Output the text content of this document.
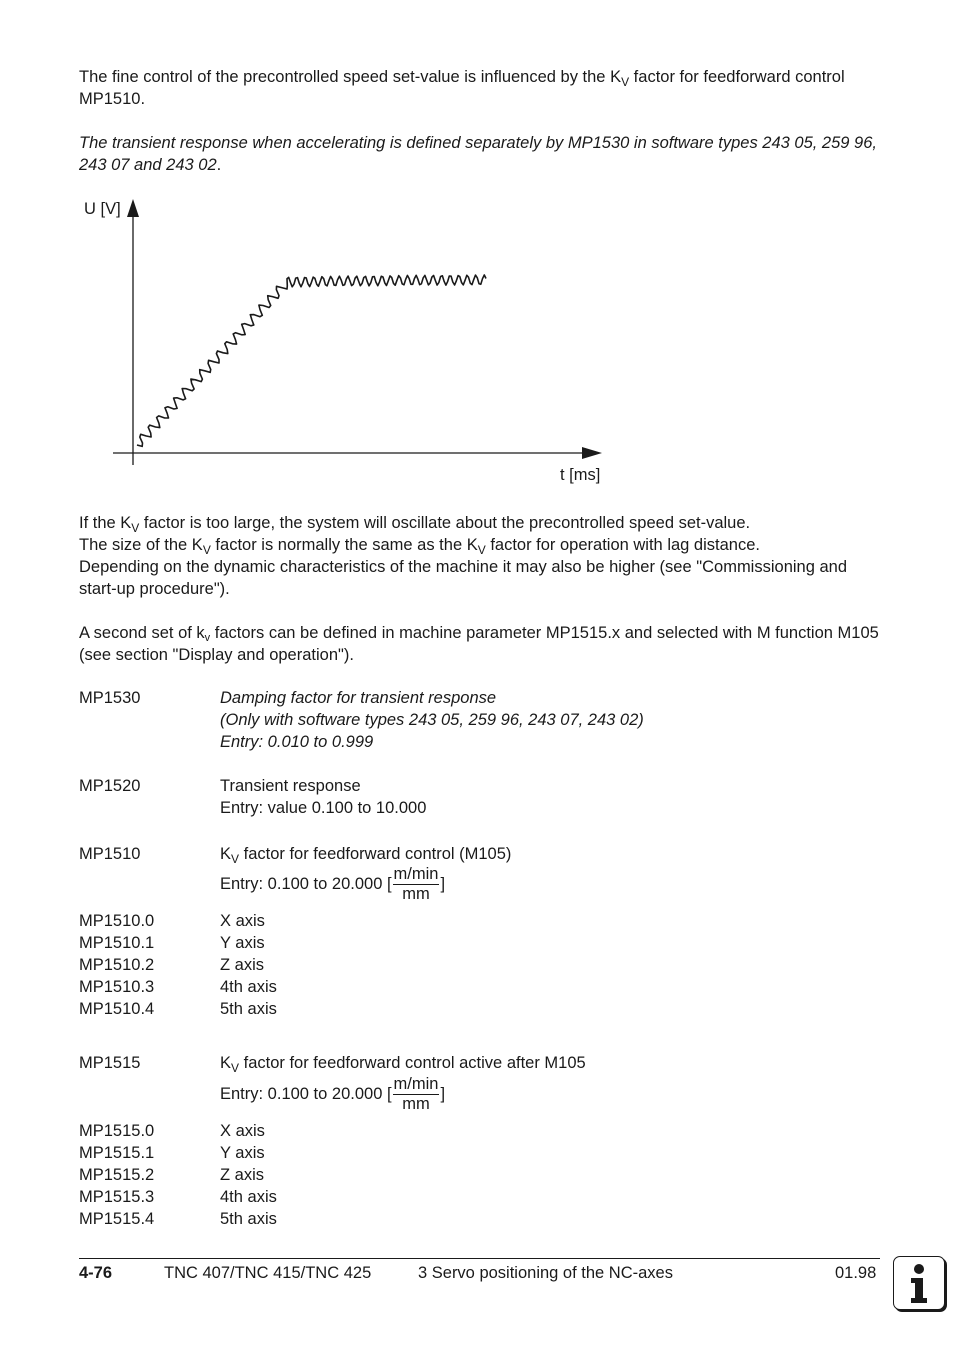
The fine control of the precontrolled speed set-value is influenced by the $K_V$ factor for feedforward control MP1510.

The transient response when accelerating is defined separately by MP1530 in software types 243 05, 259 96, 243 07 and 243 02.

U [V]
t [ms]

If the $K_V$ factor is too large, the system will oscillate about the precontrolled speed set-value.
The size of the $K_V$ factor is normally the same as the $K_V$ factor for operation with lag distance.
Depending on the dynamic characteristics of the machine it may also be higher (see "Commissioning and start-up procedure").

A second set of $k_v$ factors can be defined in machine parameter MP1515.x and selected with M function M105 (see section "Display and operation").

MP1530	Damping factor for transient response
(Only with software types 243 05, 259 96, 243 07, 243 02)
Entry: 0.010 to 0.999
MP1520	Transient response
Entry: value 0.100 to 10.000
MP1510	$K_V$ factor for feedforward control (M105)
Entry: 0.100 to 20.000 [ $\frac{m/\min}{mm}$ ]
MP1510.0	X axis
MP1510.1	Y axis
MP1510.2	Z axis
MP1510.3	4th axis
MP1510.4	5th axis
MP1515	$K_V$ factor for feedforward control active after M105
Entry: 0.100 to 20.000 [ $\frac{m/\min}{mm}$ ]
MP1515.0	X axis
MP1515.1	Y axis
MP1515.2	Z axis
MP1515.3	4th axis
MP1515.4	5th axis
4-76	TNC 407/TNC 415/TNC 425	3 Servo positioning of the NC-axes	01.98
